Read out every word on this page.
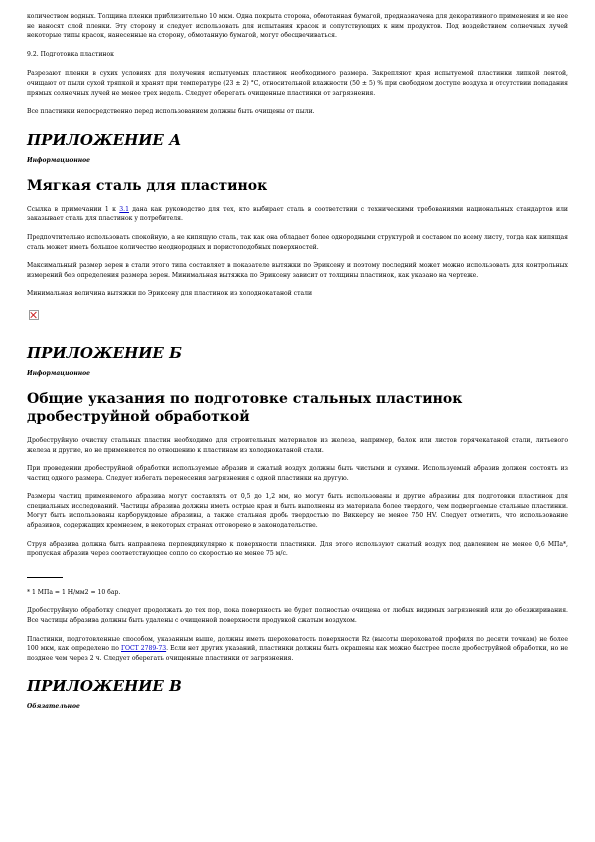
количеством водных. Толщина пленки приблизительно 10 мкм. Одна покрыта сторона, обмотанная бумагой, предназначена для декоративного применения и не нее не наносят слой пленки. Эту сторону и следует использовать для испытания красок и сопутствующих к ним продуктов. Под воздействием солнечных лучей некоторые типы красок, нанесенные на сторону, обмотанную бумагой, могут обесцвечиваться.

9.2. Подготовка пластинок

Разрезают пленки в сухих условиях для получения испытуемых пластинок необходимого размера. Закрепляют края испытуемой пластинки липкой лентой, очищают от пыли сухой тряпкой и хранят при температуре (23 ± 2) °С, относительной влажности (50 ± 5) % при свободном доступе воздуха и отсутствии попадания прямых солнечных лучей не менее трех недель. Следует оберегать очищенные пластинки от загрязнения.

Все пластинки непосредственно перед использованием должны быть очищены от пыли.

ПРИЛОЖЕНИЕ А
Информационное
Мягкая сталь для пластинок

Ссылка в примечании 1 к 3.1 дана как руководство для тех, кто выбирает сталь в соответствии с техническими требованиями национальных стандартов или заказывает сталь для пластинок у потребителя.

Предпочтительно использовать спокойную, а не кипящую сталь, так как она обладает более однородными структурой и составом по всему листу, тогда как кипящая сталь может иметь большое количество неоднородных и пористоподобных поверхностей.

Максимальный размер зерен в стали этого типа составляет в показателе вытяжки по Эриксену и поэтому последний может можно использовать для контрольных измерений без определения размера зерен. Минимальная вытяжка по Эриксену зависит от толщины пластинок, как указано на чертеже.

Минимальная величина вытяжки по Эриксену для пластинок из холоднокатаной стали

ПРИЛОЖЕНИЕ Б
Информационное
Общие указания по подготовке стальных пластинок дробеструйной обработкой

Дробеструйную очистку стальных пластин необходимо для строительных материалов из железа, например, балок или листов горячекатаной стали, литьевого железа и другие, но не применяется по отношению к пластинам из холоднокатаной стали.

При проведении дробеструйной обработки используемые абразив и сжатый воздух должны быть чистыми и сухими. Используемый абразив должен состоять из частиц одного размера. Следует избегать перенесения загрязнения с одной пластинки на другую.

Размеры частиц применяемого абразива могут составлять от 0,5 до 1,2 мм, но могут быть использованы и другие абразивы для подготовки пластинок для специальных исследований. Частицы абразива должны иметь острые края и быть выполнены из материала более твердого, чем подвергаемые стальные пластинки. Могут быть использованы карборундовые абразивы, а также стальная дробь твердостью по Виккерсу не менее 750 HV. Следует отметить, что использование абразивов, содержащих кремнезем, в некоторых странах отговорено в законодательстве.

Струя абразива должна быть направлена перпендикулярно к поверхности пластинки. Для этого используют сжатый воздух под давлением не менее 0,6 МПа*, пропуская абразив через соответствующее сопло со скоростью не менее 75 м/с.

* 1 МПа = 1 Н/мм2 = 10 бар.

Дробеструйную обработку следует продолжать до тех пор, пока поверхность не будет полностью очищена от любых видимых загрязнений или до обезжиривания. Все частицы абразива должны быть удалены с очищенной поверхности продувкой сжатым воздухом.

Пластинки, подготовленные способом, указанным выше, должны иметь шероховатость поверхности Rz (высоты шероховатой профиля по десяти точкам) не более 100 мкм, как определено по ГОСТ 2789-73. Если нет других указаний, пластинки должны быть окрашены как можно быстрее после дробеструйной обработки, но не позднее чем через 2 ч. Следует оберегать очищенные пластинки от загрязнения.

ПРИЛОЖЕНИЕ В
Обязательное
